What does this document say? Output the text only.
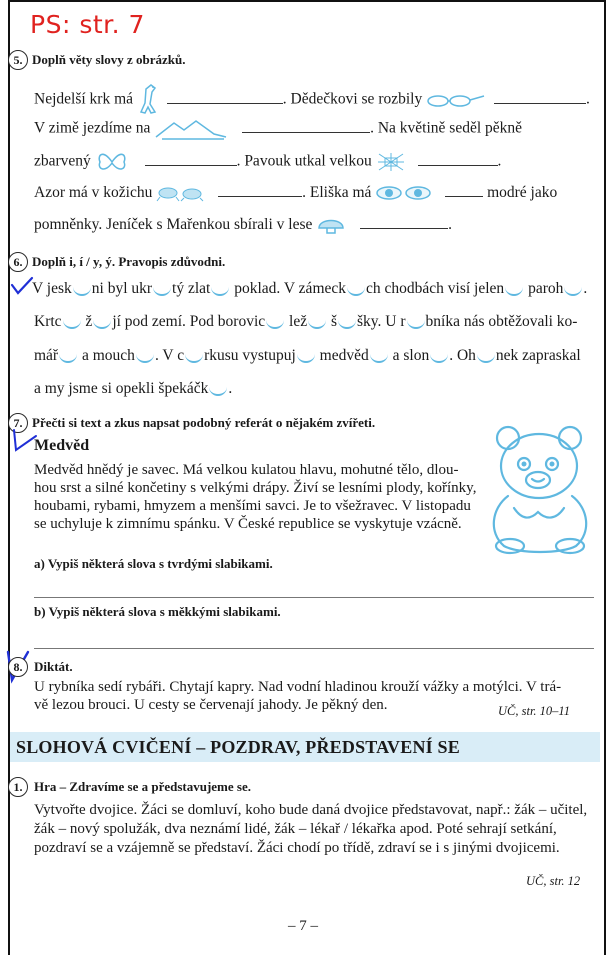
PS: str. 7
5. Doplň věty slovy z obrázků.
Nejdelší krk má	. Dědečkovi se rozbily	.
V zimě jezdíme na	. Na květině seděl pěkně
zbarvený	. Pavouk utkal velkou	.
Azor má v kožichu	. Eliška má	modré jako
pomněnky. Jeníček s Mařenkou sbírali v lese	.
6. Doplň i, í / y, ý. Pravopis zdůvodni.
V jesk ni byl ukr tý zlat poklad. V zámeck ch chodbách visí jelen paroh .
Krtc ž jí pod zemí. Pod borovic lež š šky. U r bníka nás obtěžovali ko-
mář a mouch . V c rkusu vystupuj medvěd a slon . Oh nek zapraskal
a my jsme si opekli špekáčk .
7. Přečti si text a zkus napsat podobný referát o nějakém zvířeti.
Medvěd
Medvěd hnědý je savec. Má velkou kulatou hlavu, mohutné tělo, dlou-
hou srst a silné končetiny s velkými drápy. Živí se lesními plody, kořínky,
houbami, rybami, hmyzem a menšími savci. Je to všežravec. V listopadu
se uchyluje k zimnímu spánku. V České republice se vyskytuje vzácně.
a) Vypiš některá slova s tvrdými slabikami.
b) Vypiš některá slova s měkkými slabikami.
8. Diktát.
U rybníka sedí rybáři. Chytají kapry. Nad vodní hladinou krouží vážky a motýlci. V trá-
vě lezou brouci. U cesty se červenají jahody. Je pěkný den.	UČ, str. 10–11
SLOHOVÁ CVIČENÍ – POZDRAV, PŘEDSTAVENÍ SE
1. Hra – Zdravíme se a představujeme se.
Vytvořte dvojice. Žáci se domluví, koho bude daná dvojice představovat, např.: žák – učitel,
žák – nový spolužák, dva neznámí lidé, žák – lékař / lékařka apod. Poté sehrají setkání,
pozdraví se a vzájemně se představí. Žáci chodí po třídě, zdraví se i s jinými dvojicemi.
UČ, str. 12
– 7 –
